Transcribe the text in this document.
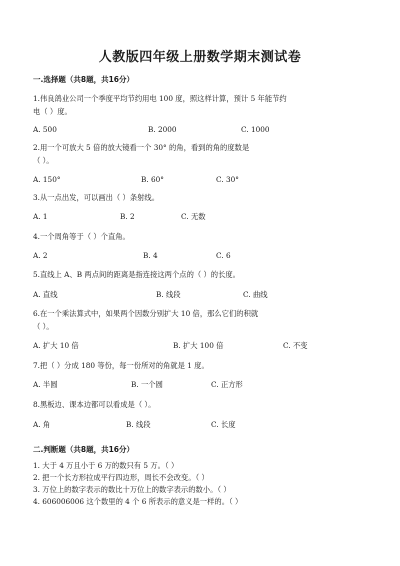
人教版四年级上册数学期末测试卷
一.选择题（共8题，共16分）
1.伟良鸽业公司一个季度平均节约用电 100 度，照这样计算，预计 5 年能节约
电（ ）度。
A. 500	B. 2000	C. 1000
2.用一个可放大 5 倍的放大镜看一个 30° 的角，看到的角的度数是
（ ）。
A. 150°	B. 60°	C. 30°
3.从一点出发，可以画出（ ）条射线。
A. 1	B. 2	C. 无数
4.一个周角等于（ ）个直角。
A. 2	B. 4	C. 6
5.直线上 A、B 两点间的距离是指连接这两个点的（ ）的长度。
A. 直线	B. 线段	C. 曲线
6.在一个乘法算式中，如果两个因数分别扩大 10 倍，那么它们的积就
（ ）。
A. 扩大 10 倍	B. 扩大 100 倍	C. 不变
7.把（ ）分成 180 等份，每一份所对的角就是 1 度。
A. 半圆	B. 一个圆	C. 正方形
8.黑板边、课本边都可以看成是（ ）。
A. 角	B. 线段	C. 长度
二.判断题（共8题，共16分）
1. 大于 4 万且小于 6 万的数只有 5 万。（ ）
2. 把一个长方形拉成平行四边形，周长不会改变。（ ）
3. 万位上的数字表示的数比十万位上的数字表示的数小。（ ）
4. 606006006 这个数里的 4 个 6 所表示的意义是一样的。（ ）
